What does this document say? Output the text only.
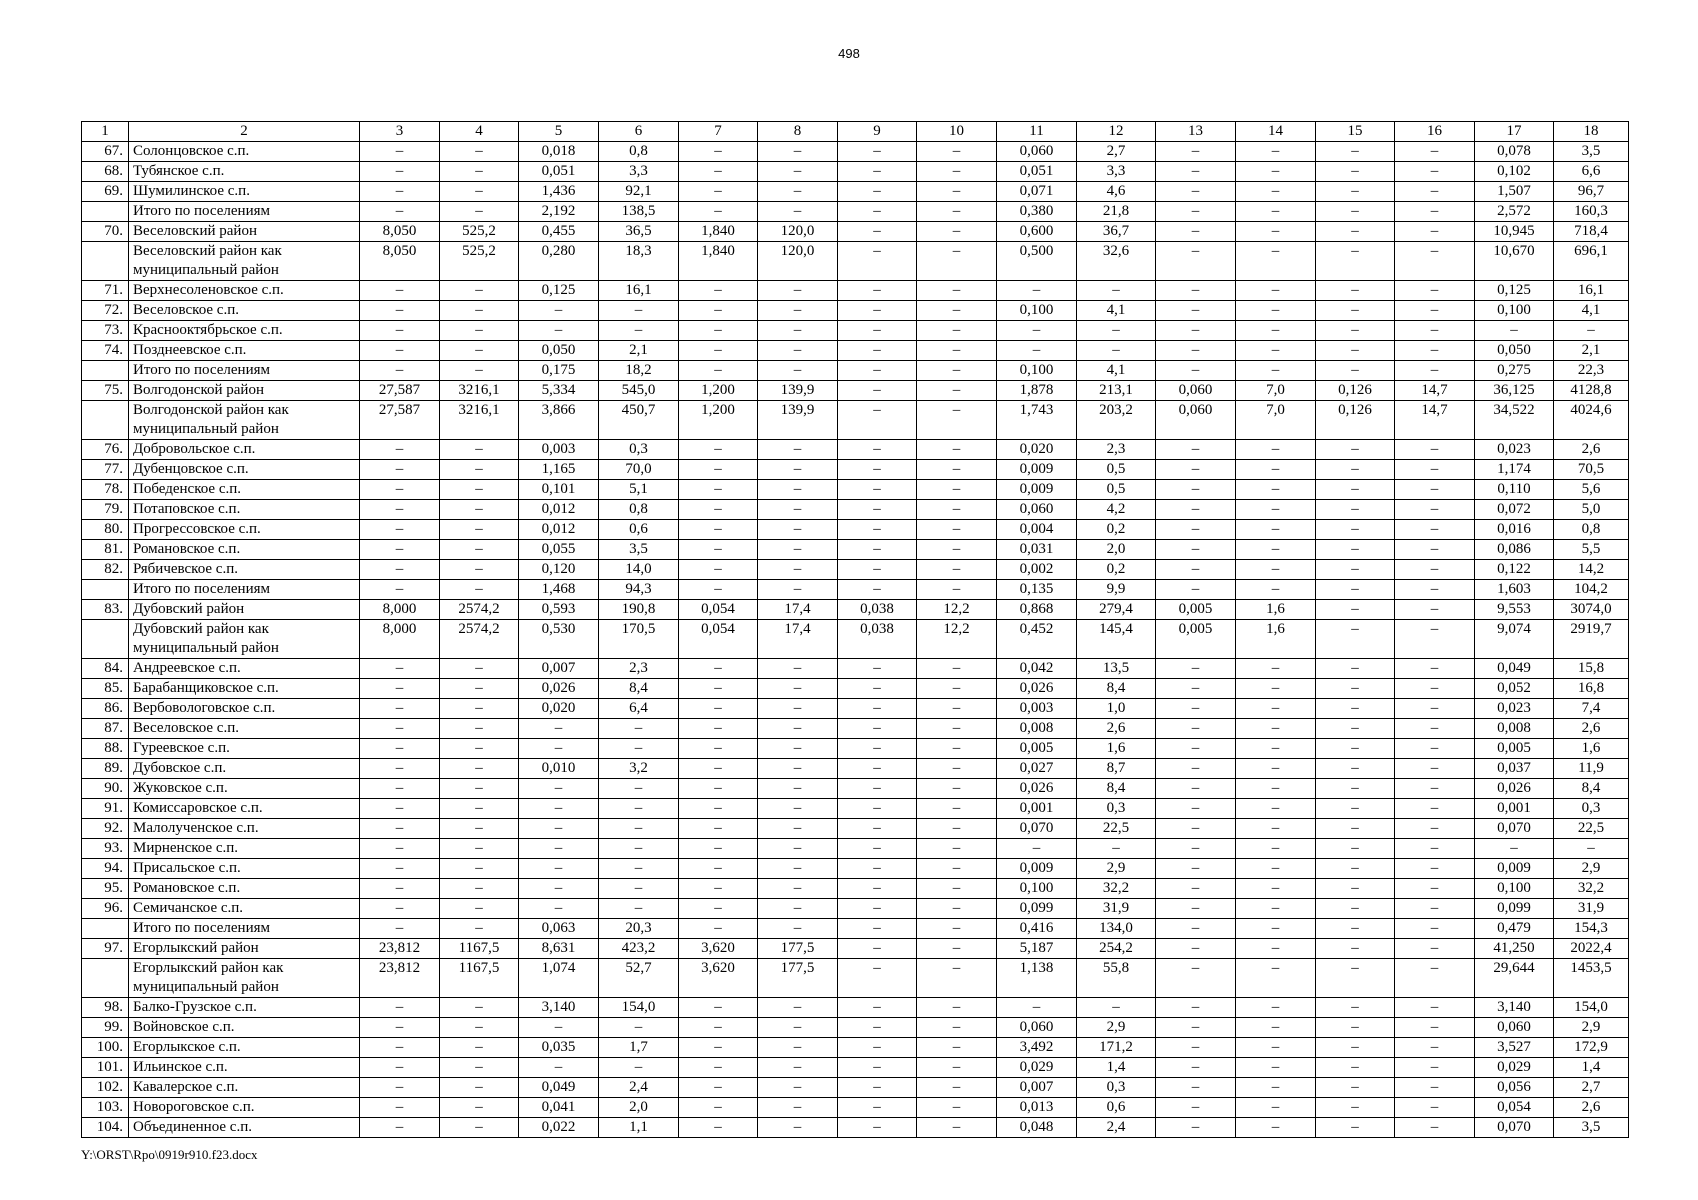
498
1	2	3	4	5	6	7	8	9	10	11	12	13	14	15	16	17	18
67.	Солонцовское с.п.	–	–	0,018	0,8	–	–	–	–	0,060	2,7	–	–	–	–	0,078	3,5
68.	Тубянское с.п.	–	–	0,051	3,3	–	–	–	–	0,051	3,3	–	–	–	–	0,102	6,6
69.	Шумилинское с.п.	–	–	1,436	92,1	–	–	–	–	0,071	4,6	–	–	–	–	1,507	96,7
	Итого по поселениям	–	–	2,192	138,5	–	–	–	–	0,380	21,8	–	–	–	–	2,572	160,3
70.	Веселовский район	8,050	525,2	0,455	36,5	1,840	120,0	–	–	0,600	36,7	–	–	–	–	10,945	718,4
	Веселовский район как муниципальный район	8,050	525,2	0,280	18,3	1,840	120,0	–	–	0,500	32,6	–	–	–	–	10,670	696,1
71.	Верхнесоленовское с.п.	–	–	0,125	16,1	–	–	–	–	–	–	–	–	–	–	0,125	16,1
72.	Веселовское с.п.	–	–	–	–	–	–	–	–	0,100	4,1	–	–	–	–	0,100	4,1
73.	Краснооктябрьское с.п.	–	–	–	–	–	–	–	–	–	–	–	–	–	–	–	–
74.	Позднеевское с.п.	–	–	0,050	2,1	–	–	–	–	–	–	–	–	–	–	0,050	2,1
	Итого по поселениям	–	–	0,175	18,2	–	–	–	–	0,100	4,1	–	–	–	–	0,275	22,3
75.	Волгодонской район	27,587	3216,1	5,334	545,0	1,200	139,9	–	–	1,878	213,1	0,060	7,0	0,126	14,7	36,125	4128,8
	Волгодонской район как муниципальный район	27,587	3216,1	3,866	450,7	1,200	139,9	–	–	1,743	203,2	0,060	7,0	0,126	14,7	34,522	4024,6
76.	Добровольское с.п.	–	–	0,003	0,3	–	–	–	–	0,020	2,3	–	–	–	–	0,023	2,6
77.	Дубенцовское с.п.	–	–	1,165	70,0	–	–	–	–	0,009	0,5	–	–	–	–	1,174	70,5
78.	Победенское с.п.	–	–	0,101	5,1	–	–	–	–	0,009	0,5	–	–	–	–	0,110	5,6
79.	Потаповское с.п.	–	–	0,012	0,8	–	–	–	–	0,060	4,2	–	–	–	–	0,072	5,0
80.	Прогрессовское с.п.	–	–	0,012	0,6	–	–	–	–	0,004	0,2	–	–	–	–	0,016	0,8
81.	Романовское с.п.	–	–	0,055	3,5	–	–	–	–	0,031	2,0	–	–	–	–	0,086	5,5
82.	Рябичевское с.п.	–	–	0,120	14,0	–	–	–	–	0,002	0,2	–	–	–	–	0,122	14,2
	Итого по поселениям	–	–	1,468	94,3	–	–	–	–	0,135	9,9	–	–	–	–	1,603	104,2
83.	Дубовский район	8,000	2574,2	0,593	190,8	0,054	17,4	0,038	12,2	0,868	279,4	0,005	1,6	–	–	9,553	3074,0
	Дубовский район как муниципальный район	8,000	2574,2	0,530	170,5	0,054	17,4	0,038	12,2	0,452	145,4	0,005	1,6	–	–	9,074	2919,7
84.	Андреевское с.п.	–	–	0,007	2,3	–	–	–	–	0,042	13,5	–	–	–	–	0,049	15,8
85.	Барабанщиковское с.п.	–	–	0,026	8,4	–	–	–	–	0,026	8,4	–	–	–	–	0,052	16,8
86.	Вербовологовское с.п.	–	–	0,020	6,4	–	–	–	–	0,003	1,0	–	–	–	–	0,023	7,4
87.	Веселовское с.п.	–	–	–	–	–	–	–	–	0,008	2,6	–	–	–	–	0,008	2,6
88.	Гуреевское с.п.	–	–	–	–	–	–	–	–	0,005	1,6	–	–	–	–	0,005	1,6
89.	Дубовское с.п.	–	–	0,010	3,2	–	–	–	–	0,027	8,7	–	–	–	–	0,037	11,9
90.	Жуковское с.п.	–	–	–	–	–	–	–	–	0,026	8,4	–	–	–	–	0,026	8,4
91.	Комиссаровское с.п.	–	–	–	–	–	–	–	–	0,001	0,3	–	–	–	–	0,001	0,3
92.	Малолученское с.п.	–	–	–	–	–	–	–	–	0,070	22,5	–	–	–	–	0,070	22,5
93.	Мирненское с.п.	–	–	–	–	–	–	–	–	–	–	–	–	–	–	–	–
94.	Присальское с.п.	–	–	–	–	–	–	–	–	0,009	2,9	–	–	–	–	0,009	2,9
95.	Романовское с.п.	–	–	–	–	–	–	–	–	0,100	32,2	–	–	–	–	0,100	32,2
96.	Семичанское с.п.	–	–	–	–	–	–	–	–	0,099	31,9	–	–	–	–	0,099	31,9
	Итого по поселениям	–	–	0,063	20,3	–	–	–	–	0,416	134,0	–	–	–	–	0,479	154,3
97.	Егорлыкский район	23,812	1167,5	8,631	423,2	3,620	177,5	–	–	5,187	254,2	–	–	–	–	41,250	2022,4
	Егорлыкский район как муниципальный район	23,812	1167,5	1,074	52,7	3,620	177,5	–	–	1,138	55,8	–	–	–	–	29,644	1453,5
98.	Балко-Грузское с.п.	–	–	3,140	154,0	–	–	–	–	–	–	–	–	–	–	3,140	154,0
99.	Войновское с.п.	–	–	–	–	–	–	–	–	0,060	2,9	–	–	–	–	0,060	2,9
100.	Егорлыкское с.п.	–	–	0,035	1,7	–	–	–	–	3,492	171,2	–	–	–	–	3,527	172,9
101.	Ильинское с.п.	–	–	–	–	–	–	–	–	0,029	1,4	–	–	–	–	0,029	1,4
102.	Кавалерское с.п.	–	–	0,049	2,4	–	–	–	–	0,007	0,3	–	–	–	–	0,056	2,7
103.	Новороговское с.п.	–	–	0,041	2,0	–	–	–	–	0,013	0,6	–	–	–	–	0,054	2,6
104.	Объединенное с.п.	–	–	0,022	1,1	–	–	–	–	0,048	2,4	–	–	–	–	0,070	3,5
Y:\ORST\Rpo\0919r910.f23.docx
